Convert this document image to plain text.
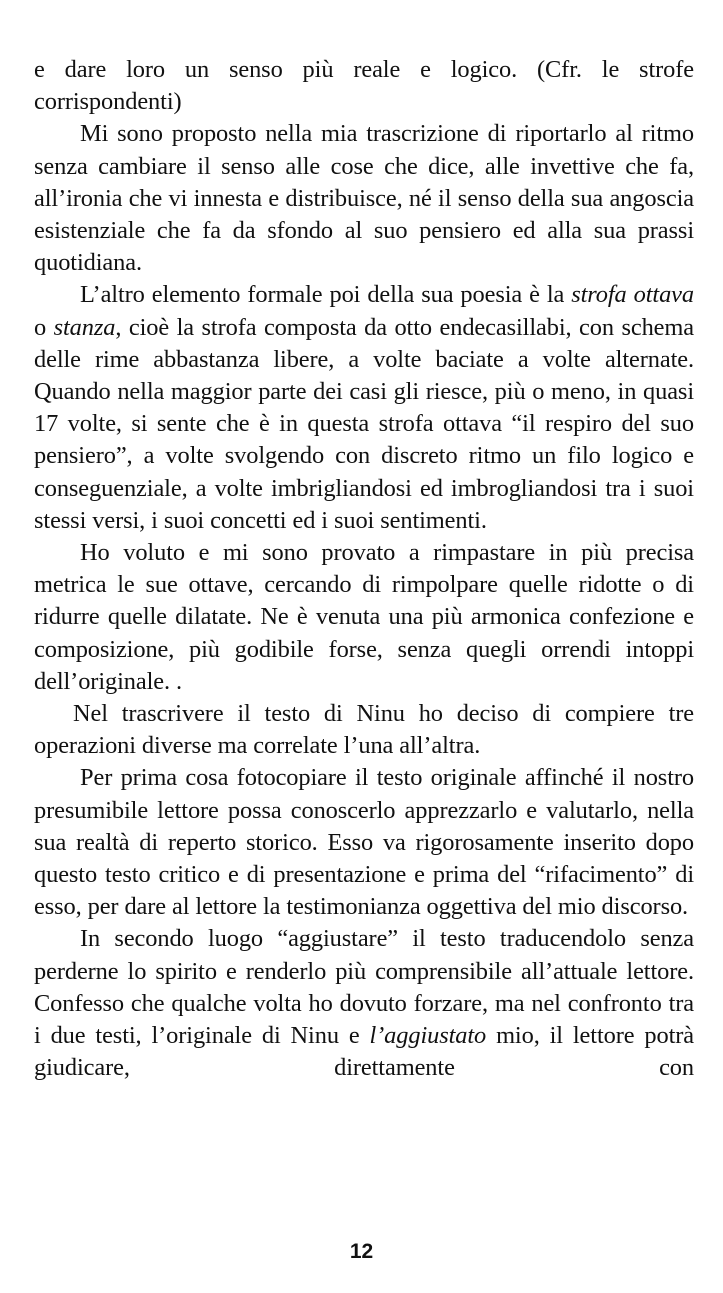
e dare loro un senso più reale e logico. (Cfr. le strofe corrispondenti)

Mi sono proposto nella mia trascrizione di riportarlo al ritmo senza cambiare il senso alle cose che dice, alle invettive che fa, all’ironia che vi innesta e distribuisce, né il senso della sua angoscia esistenziale che fa da sfondo al suo pensiero ed alla sua prassi quotidiana.

L’altro elemento formale poi della sua poesia è la strofa ottava o stanza, cioè la strofa composta da otto endecasillabi, con schema delle rime abbastanza libere, a volte baciate a volte alternate. Quando nella maggior parte dei casi gli riesce, più o meno, in quasi 17 volte, si sente che è in questa strofa ottava “il respiro del suo pensiero”, a volte svolgendo con discreto ritmo un filo logico e conseguenziale, a volte imbrigliandosi ed imbrogliandosi tra i suoi stessi versi, i suoi concetti ed i suoi sentimenti.

Ho voluto e mi sono provato a rimpastare in più precisa metrica le sue ottave, cercando di rimpolpare quelle ridotte o di ridurre quelle dilatate. Ne è venuta una più armonica confezione e composizione, più godibile forse, senza quegli orrendi intoppi dell’originale. .

Nel trascrivere il testo di Ninu ho deciso di compiere tre operazioni diverse ma correlate l’una all’altra.

Per prima cosa fotocopiare il testo originale affinché il nostro presumibile lettore possa conoscerlo apprezzarlo e valutarlo, nella sua realtà di reperto storico. Esso va rigorosamente inserito dopo questo testo critico e di presentazione e prima del “rifacimento” di esso, per dare al lettore la testimonianza oggettiva del mio discorso.

In secondo luogo “aggiustare” il testo traducendolo senza perderne lo spirito e renderlo più comprensibile all’attuale lettore. Confesso che qualche volta ho dovuto forzare, ma nel confronto tra i due testi, l’originale di Ninu e l’aggiustato mio, il lettore potrà giudicare, direttamente con

12
